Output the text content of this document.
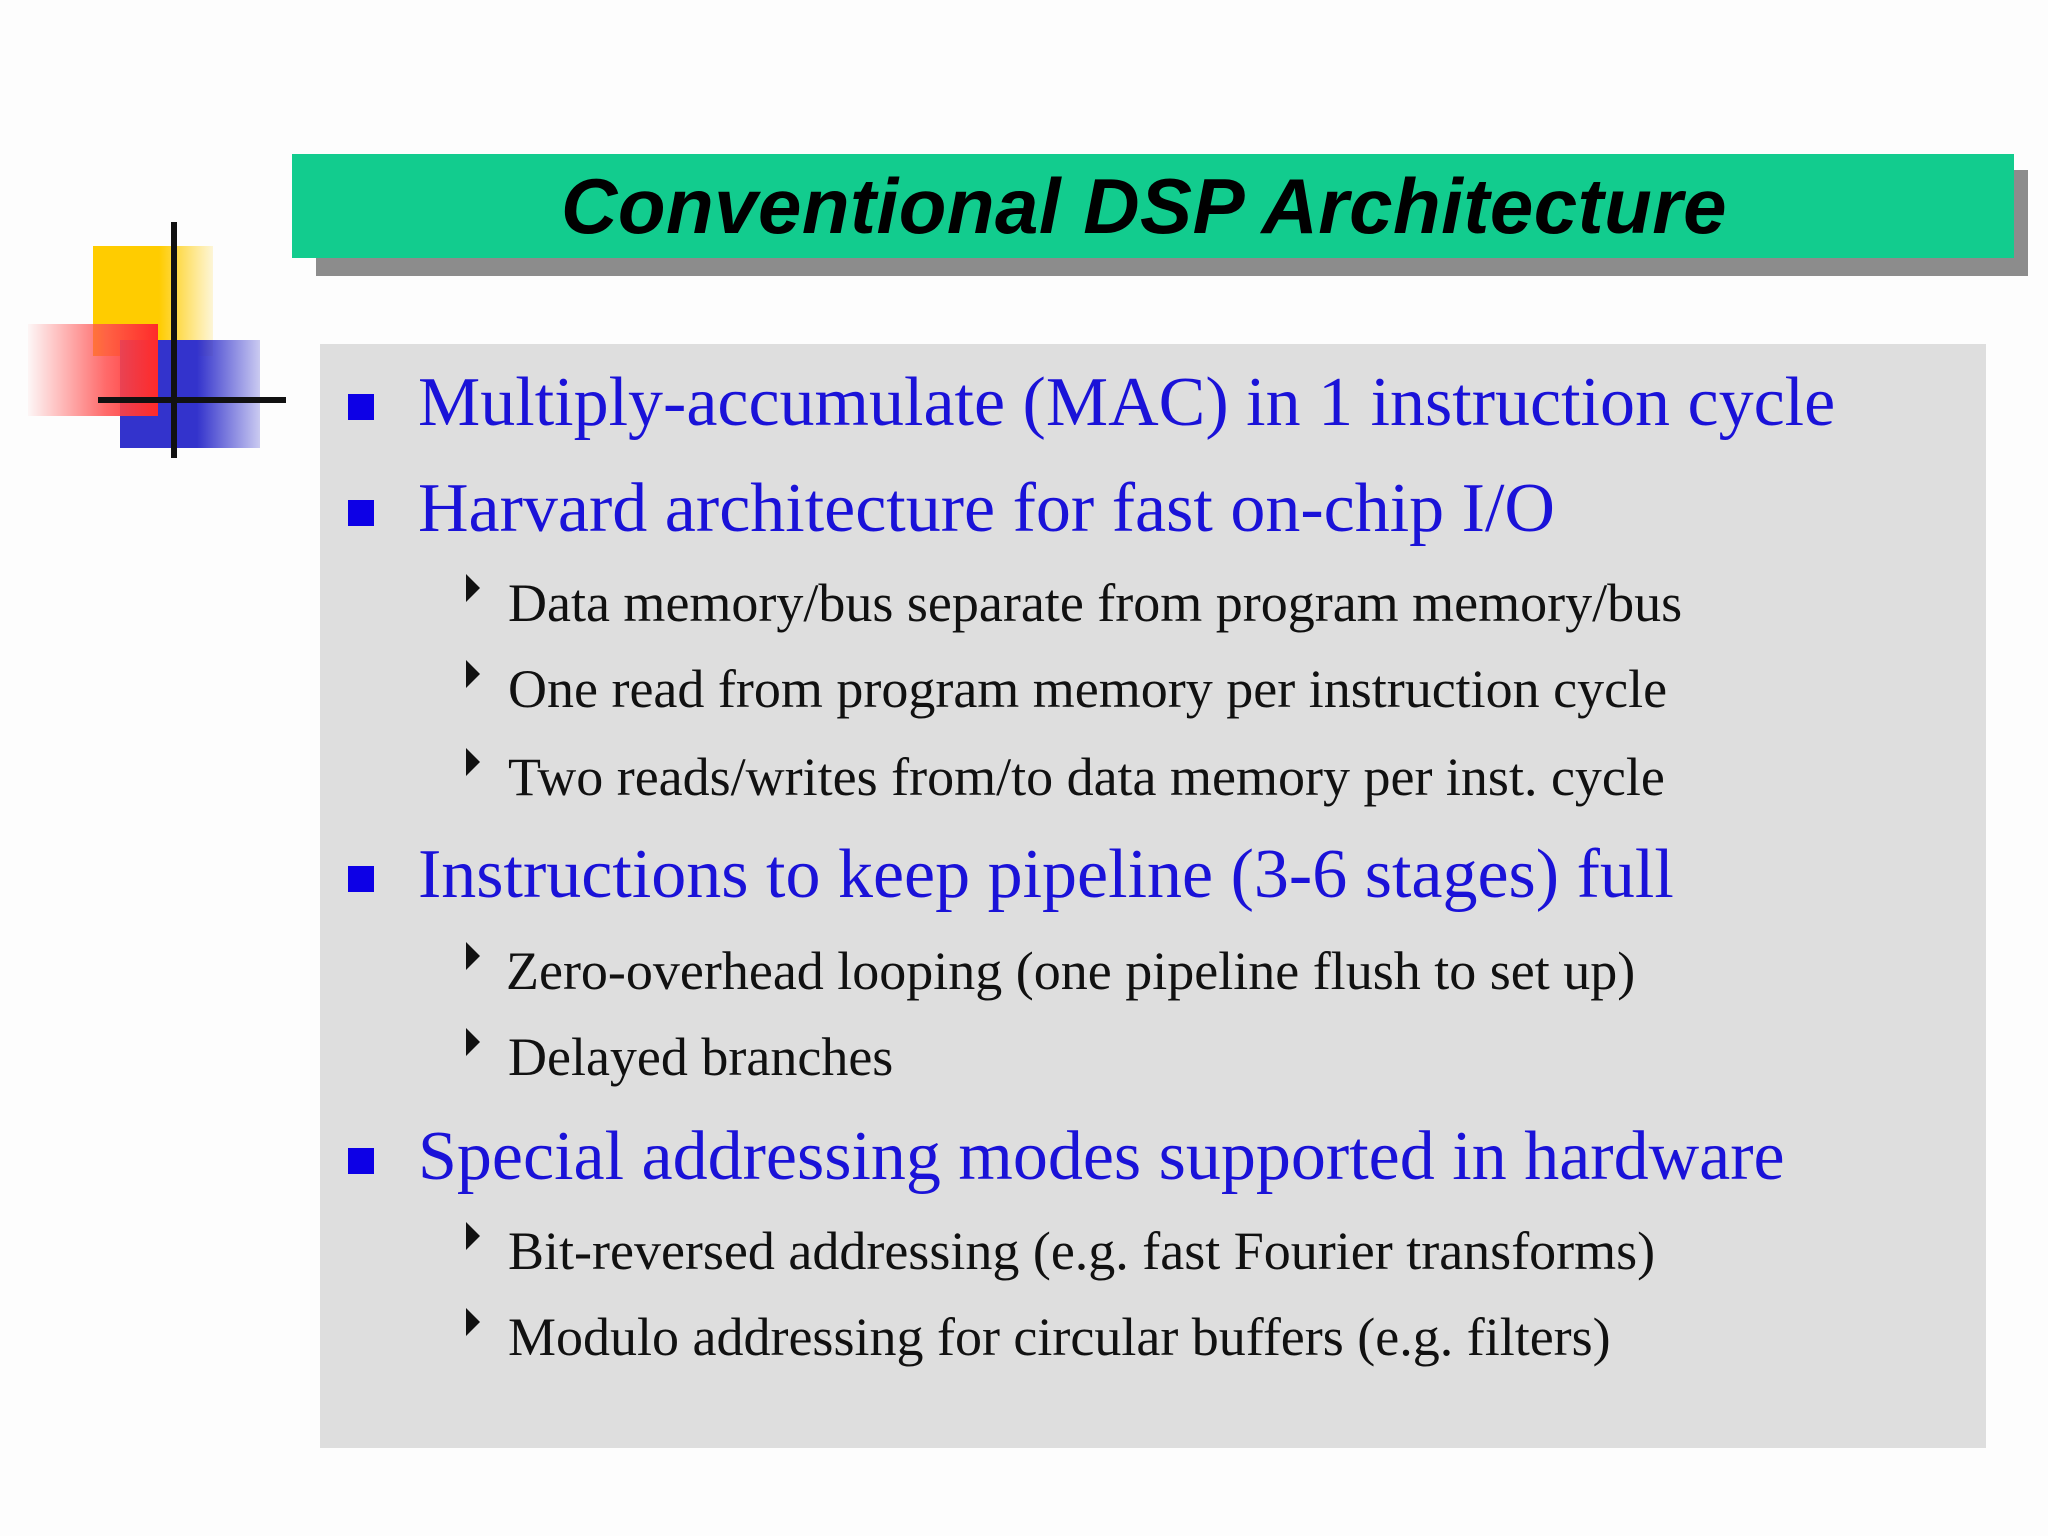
Conventional DSP Architecture
Multiply-accumulate (MAC) in 1 instruction cycle
Harvard architecture for fast on-chip I/O
Data memory/bus separate from program memory/bus
One read from program memory per instruction cycle
Two reads/writes from/to data memory per inst. cycle
Instructions to keep pipeline (3-6 stages) full
Zero-overhead looping (one pipeline flush to set up)
Delayed branches
Special addressing modes supported in hardware
Bit-reversed addressing (e.g. fast Fourier transforms)
Modulo addressing for circular buffers (e.g. filters)
